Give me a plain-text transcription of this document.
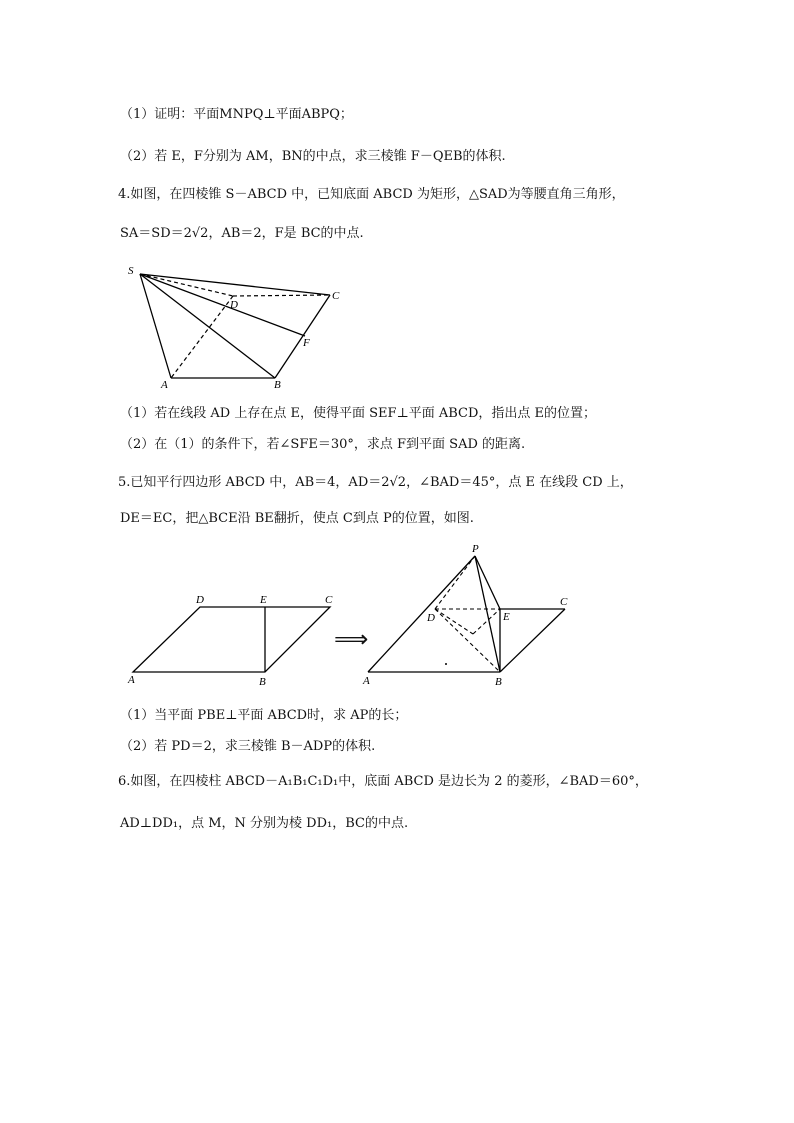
（1）证明：平面MNPQ⊥平面ABPQ；
（2）若 E，F分别为 AM，BN的中点，求三棱锥 F－QEB的体积.
4.如图，在四棱锥 S－ABCD 中，已知底面 ABCD 为矩形，△SAD为等腰直角三角形，
SA＝SD＝2√2，AB＝2，F是 BC的中点.
S
D
C
F
A	B
（1）若在线段 AD 上存在点 E，使得平面 SEF⊥平面 ABCD，指出点 E的位置；
（2）在（1）的条件下，若∠SFE＝30°，求点 F到平面 SAD 的距离.
5.已知平行四边形 ABCD 中，AB＝4，AD＝2√2，∠BAD＝45°，点 E 在线段 CD 上，
DE＝EC，把△BCE沿 BE翻折，使点 C到点 P的位置，如图.
D	E	C
A	B
⟹
P
D	E
C
A	B
（1）当平面 PBE⊥平面 ABCD时，求 AP的长；
（2）若 PD＝2，求三棱锥 B－ADP的体积.
6.如图，在四棱柱 ABCD－A₁B₁C₁D₁中，底面 ABCD 是边长为 2 的菱形，∠BAD＝60°，
AD⊥DD₁，点 M，N 分别为棱 DD₁，BC的中点.
